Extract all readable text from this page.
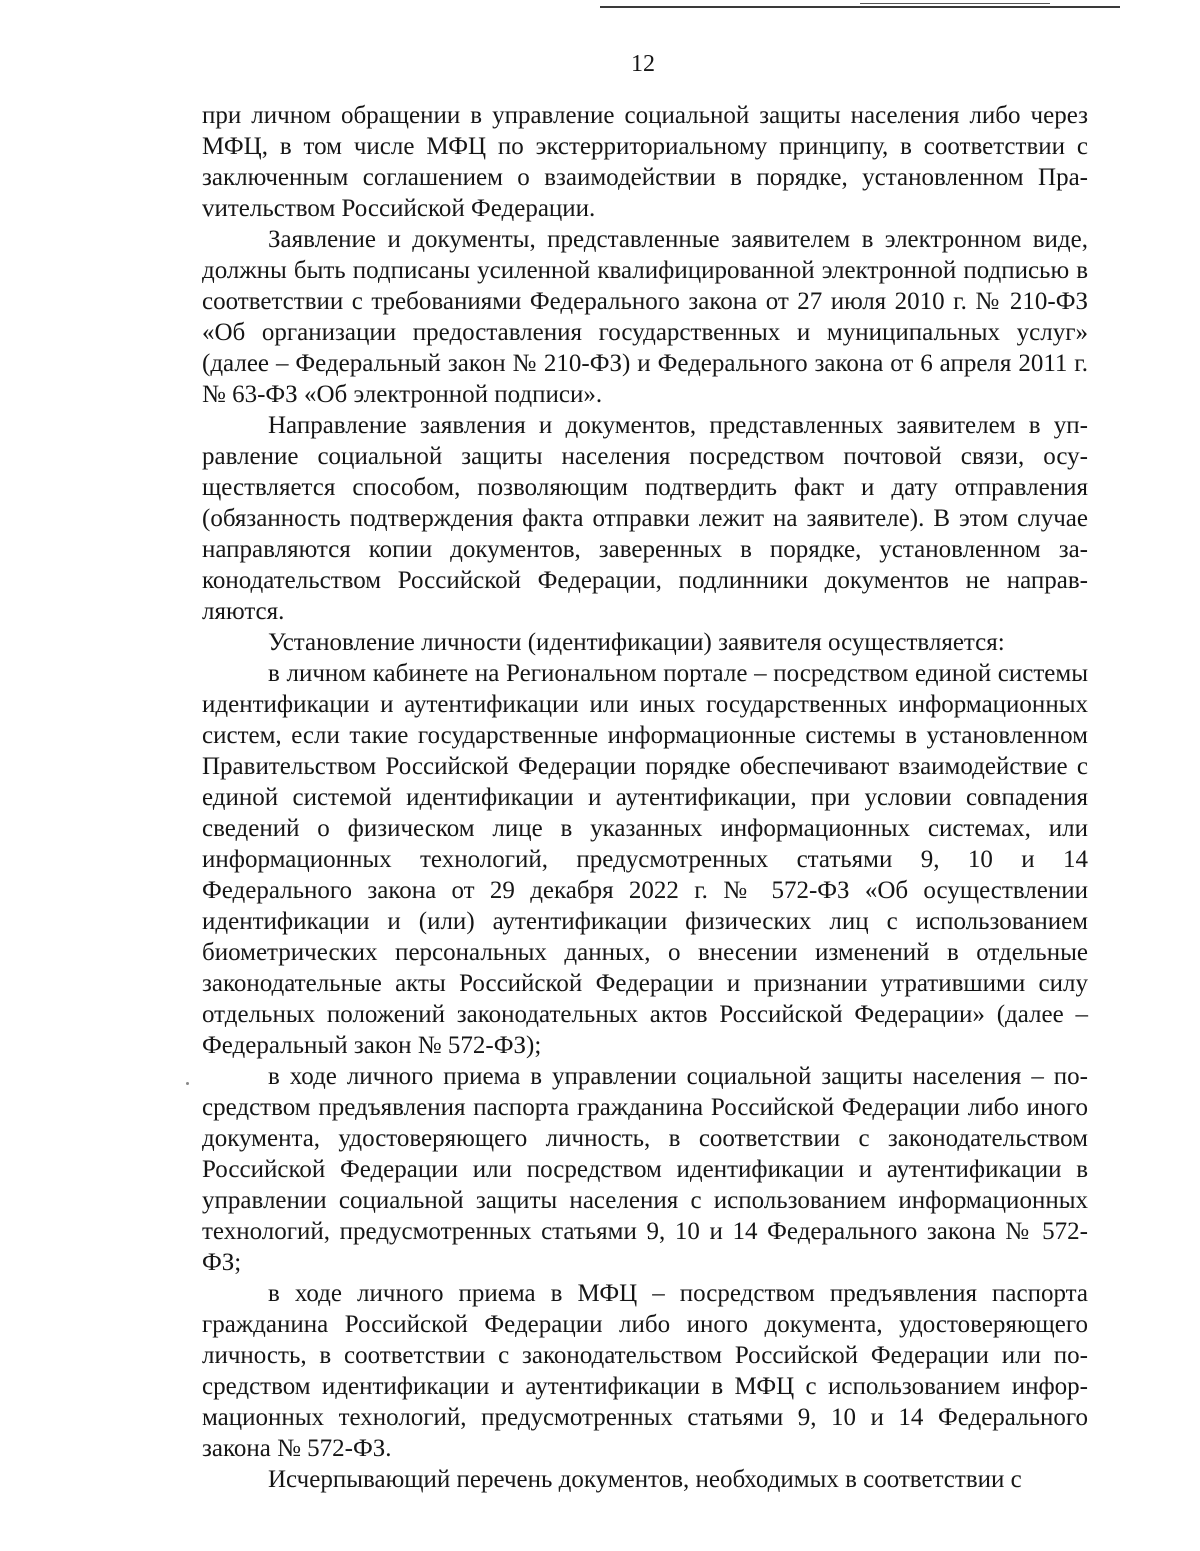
12

при личном обращении в управление социальной защиты населения либо через МФЦ, в том числе МФЦ по экстерриториальному принципу, в соответствии с заключенным соглашением о взаимодействии в порядке, установленном Праvительством Российской Федерации.

Заявление и документы, представленные заявителем в электронном виде, должны быть подписаны усиленной квалифицированной электронной подписью в соответствии с требованиями Федерального закона от 27 июля 2010 г. № 210-ФЗ «Об организации предоставления государственных и муниципальных услуг» (далее – Федеральный закон № 210-ФЗ) и Федерального закона от 6 апреля 2011 г. № 63-ФЗ «Об электронной подписи».

Направление заявления и документов, представленных заявителем в управление социальной защиты населения посредством почтовой связи, осуществляется способом, позволяющим подтвердить факт и дату отправления (обязанность подтверждения факта отправки лежит на заявителе). В этом случае направляются копии документов, заверенных в порядке, установленном законодательством Российской Федерации, подлинники документов не направляются.

Установление личности (идентификации) заявителя осуществляется:

в личном кабинете на Региональном портале – посредством единой системы идентификации и аутентификации или иных государственных информационных систем, если такие государственные информационные системы в установленном Правительством Российской Федерации порядке обеспечивают взаимодействие с единой системой идентификации и аутентификации, при условии совпадения сведений о физическом лице в указанных информационных системах, или информационных технологий, предусмотренных статьями 9, 10 и 14 Федерального закона от 29 декабря 2022 г. № 572-ФЗ «Об осуществлении идентификации и (или) аутентификации физических лиц с использованием биометрических персональных данных, о внесении изменений в отдельные законодательные акты Российской Федерации и признании утратившими силу отдельных положений законодательных актов Российской Федерации» (далее – Федеральный закон № 572-ФЗ);

в ходе личного приема в управлении социальной защиты населения – посредством предъявления паспорта гражданина Российской Федерации либо иного документа, удостоверяющего личность, в соответствии с законодательством Российской Федерации или посредством идентификации и аутентификации в управлении социальной защиты населения с использованием информационных технологий, предусмотренных статьями 9, 10 и 14 Федерального закона № 572-ФЗ;

в ходе личного приема в МФЦ – посредством предъявления паспорта гражданина Российской Федерации либо иного документа, удостоверяющего личность, в соответствии с законодательством Российской Федерации или посредством идентификации и аутентификации в МФЦ с использованием информационных технологий, предусмотренных статьями 9, 10 и 14 Федерального закона № 572-ФЗ.

Исчерпывающий перечень документов, необходимых в соответствии с
